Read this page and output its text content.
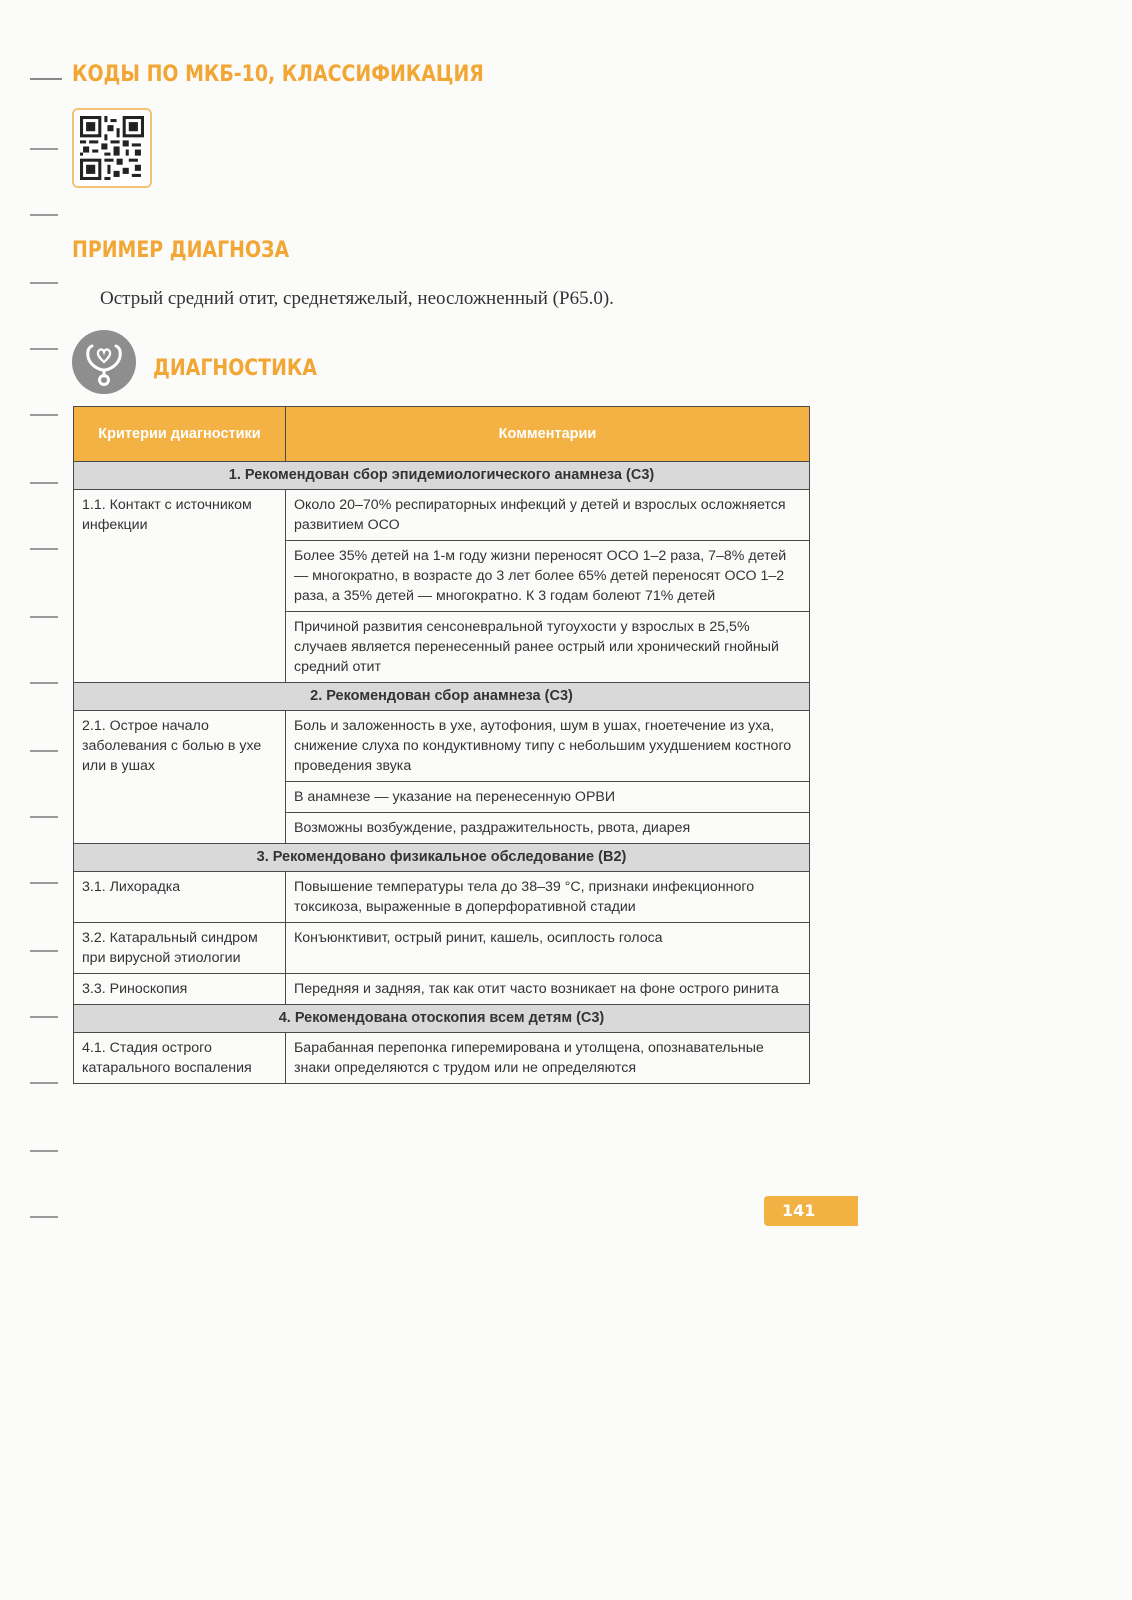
КОДЫ ПО МКБ-10, КЛАССИФИКАЦИЯ
ПРИМЕР ДИАГНОЗА

Острый средний отит, среднетяжелый, неосложненный (Р65.0).

ДИАГНОСТИКА
Критерии диагностики	Комментарии
1. Рекомендован сбор эпидемиологического анамнеза (С3)	
1.1. Контакт с источником инфекции	Около 20–70% респираторных инфекций у детей и взрослых осложняется развитием ОСО
	Более 35% детей на 1-м году жизни переносят ОСО 1–2 раза, 7–8% детей — многократно, в возрасте до 3 лет более 65% детей переносят ОСО 1–2 раза, а 35% детей — многократно. К 3 годам болеют 71% детей
	Причиной развития сенсоневральной тугоухости у взрослых в 25,5% случаев является перенесенный ранее острый или хронический гнойный средний отит
2. Рекомендован сбор анамнеза (С3)	
2.1. Острое начало заболевания с болью в ухе или в ушах	Боль и заложенность в ухе, аутофония, шум в ушах, гноетечение из уха, снижение слуха по кондуктивному типу с небольшим ухудшением костного проведения звука
	В анамнезе — указание на перенесенную ОРВИ
	Возможны возбуждение, раздражительность, рвота, диарея
3. Рекомендовано физикальное обследование (В2)	
3.1. Лихорадка	Повышение температуры тела до 38–39 °С, признаки инфекционного токсикоза, выраженные в доперфоративной стадии
3.2. Катаральный синдром при вирусной этиологии	Конъюнктивит, острый ринит, кашель, осиплость голоса
3.3. Риноскопия	Передняя и задняя, так как отит часто возникает на фоне острого ринита
4. Рекомендована отоскопия всем детям (С3)	
4.1. Стадия острого катарального воспаления	Барабанная перепонка гиперемирована и утолщена, опознавательные знаки определяются с трудом или не определяются
141
